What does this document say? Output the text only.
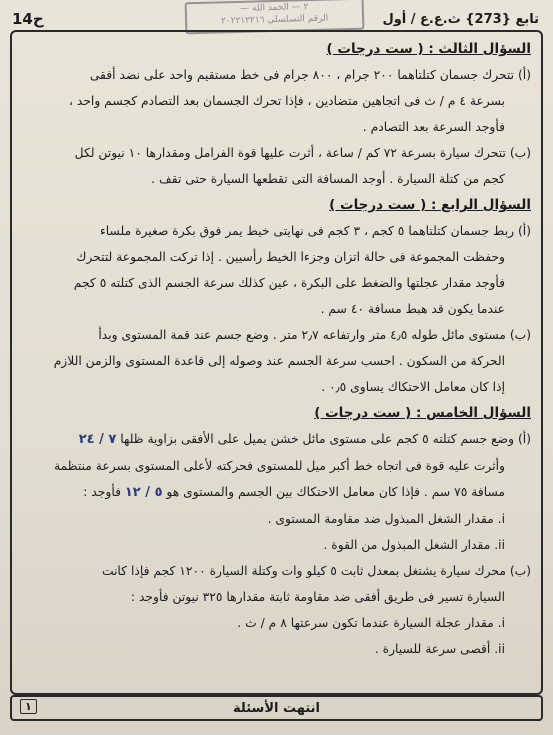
14ح	تابع {273} ث.ع.ع / أول
— ٢ — الحمد الله
الرقم التسلسلي ٢٠٢٢١٢٢١٦
السؤال الثالث : ( ست درجات )

(أ) تتحرك جسمان كتلتاهما ٢٠٠ جرام ، ٨٠٠ جرام فى خط مستقيم واحد على نضد أفقى

بسرعة ٤ م / ث فى اتجاهين متضادين ، فإذا تحرك الجسمان بعد التصادم كجسم واحد ،

فأوجد السرعة بعد التصادم .

(ب) تتحرك سيارة بسرعة ٧٢ كم / ساعة ، أثرت عليها قوة الفرامل ومقدارها ١٠ نيوتن لكل

كجم من كتلة السيارة . أوجد المسافة التى تقطعها السيارة حتى تقف .

السؤال الرابع : ( ست درجات )

(أ) ربط جسمان كتلتاهما ٥ كجم ، ٣ كجم فى نهايتى خيط يمر فوق بكرة صغيرة ملساء

وحفظت المجموعة فى حالة اتزان وجزءا الخيط رأسيين . إذا تركت المجموعة لتتحرك

فأوجد مقدار عجلتها والضغط على البكرة ، عين كذلك سرعة الجسم الذى كتلته ٥ كجم

عندما يكون قد هبط مسافة ٤٠ سم .

(ب) مستوى مائل طوله ٤٫٥ متر وارتفاعه ٢٫٧ متر . وضع جسم عند قمة المستوى وبدأ

الحركة من السكون . احسب سرعة الجسم عند وصوله إلى قاعدة المستوى والزمن اللازم

إذا كان معامل الاحتكاك يساوى ٠٫٥ .

السؤال الخامس : ( ست درجات )

(أ) وضع جسم كتلته ٥ كجم على مستوى مائل خشن يميل على الأفقى بزاوية ظلها ٧ / ٢٤

وأثرت عليه قوة فى اتجاه خط أكبر ميل للمستوى فحركته لأعلى المستوى بسرعة منتظمة

مسافة ٧٥ سم . فإذا كان معامل الاحتكاك بين الجسم والمستوى هو ٥ / ١٢ فأوجد :

i. مقدار الشغل المبذول ضد مقاومة المستوى .

ii. مقدار الشغل المبذول من القوة .

(ب) محرك سيارة يشتغل بمعدل ثابت ٥ كيلو وات وكتلة السيارة ١٢٠٠ كجم فإذا كانت

السيارة تسير فى طريق أفقى ضد مقاومة ثابتة مقدارها ٣٢٥ نيوتن فأوجد :

i. مقدار عجلة السيارة عندما تكون سرعتها ٨ م / ث .

ii. أقصى سرعة للسيارة .

انتهت الأسئلة
١
